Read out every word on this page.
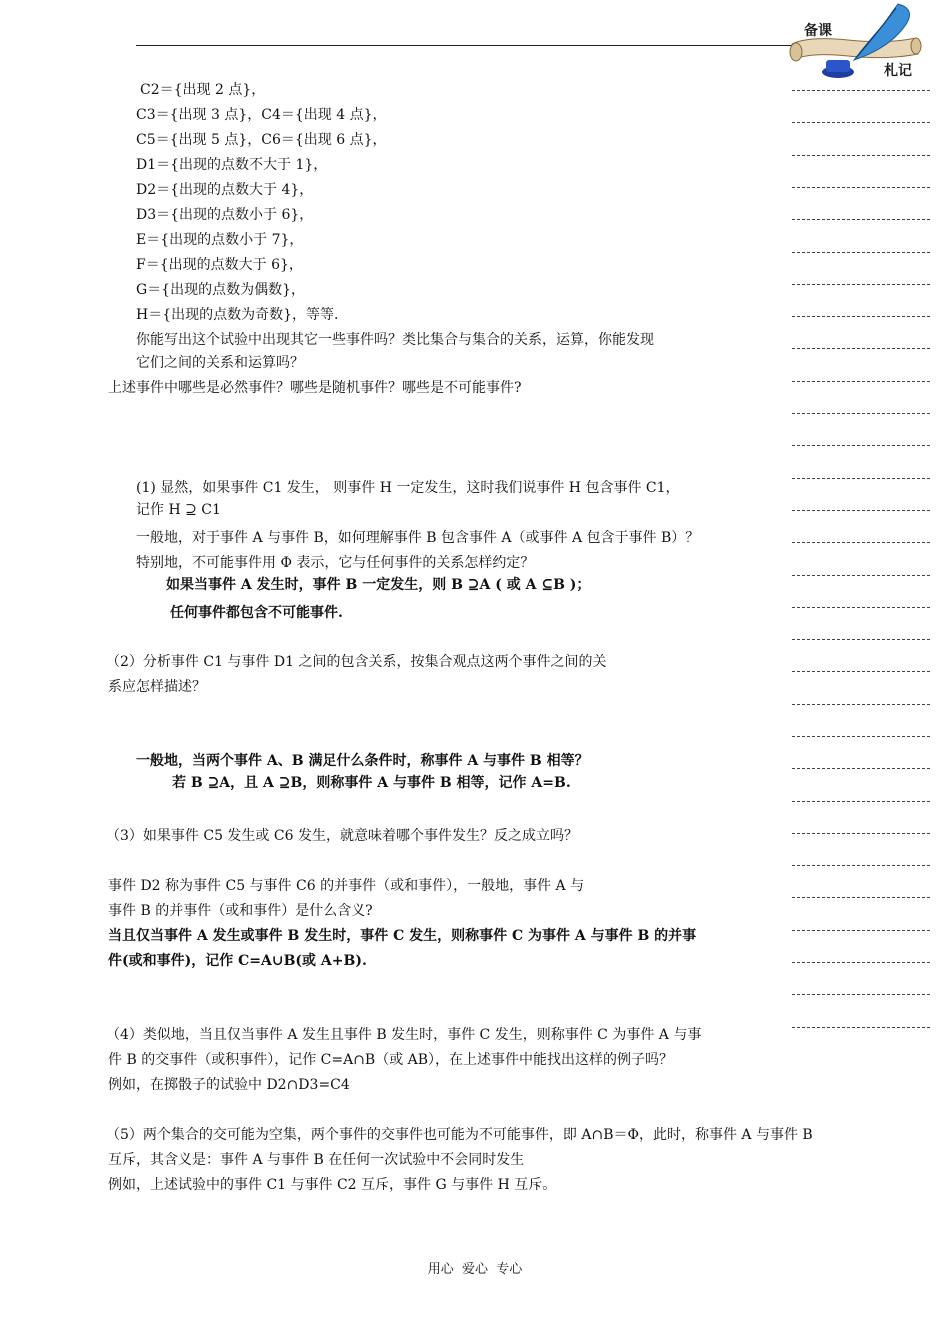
备课
札记
C2＝{出现 2 点}，
C3＝{出现 3 点}，C4＝{出现 4 点}，
C5＝{出现 5 点}，C6＝{出现 6 点}，
D1＝{出现的点数不大于 1}，
D2＝{出现的点数大于 4}，
D3＝{出现的点数小于 6}，
E＝{出现的点数小于 7}，
F＝{出现的点数大于 6}，
G＝{出现的点数为偶数}，
H＝{出现的点数为奇数}，等等.
你能写出这个试验中出现其它一些事件吗？类比集合与集合的关系，运算，你能发现
它们之间的关系和运算吗？
上述事件中哪些是必然事件？哪些是随机事件？哪些是不可能事件?
(1) 显然，如果事件 C1 发生， 则事件 H 一定发生，这时我们说事件 H 包含事件 C1，
记作 H ⊇ C1
一般地，对于事件 A 与事件 B，如何理解事件 B 包含事件 A（或事件 A 包含于事件 B）？
特别地，不可能事件用 Φ 表示，它与任何事件的关系怎样约定？
如果当事件 A 发生时，事件 B 一定发生，则 B ⊇A ( 或 A ⊆B )；
任何事件都包含不可能事件.
（2）分析事件 C1 与事件 D1 之间的包含关系，按集合观点这两个事件之间的关
系应怎样描述？
一般地，当两个事件 A、B 满足什么条件时，称事件 A 与事件 B 相等？
若 B ⊇A，且 A ⊇B，则称事件 A 与事件 B 相等，记作 A=B.
（3）如果事件 C5 发生或 C6 发生，就意味着哪个事件发生？反之成立吗？
事件 D2 称为事件 C5 与事件 C6 的并事件（或和事件），一般地，事件 A 与
事件 B 的并事件（或和事件）是什么含义?
当且仅当事件 A 发生或事件 B 发生时，事件 C 发生，则称事件 C 为事件 A 与事件 B 的并事
件(或和事件)，记作 C=A∪B(或 A+B).
（4）类似地，当且仅当事件 A 发生且事件 B 发生时，事件 C 发生，则称事件 C 为事件 A 与事
件 B 的交事件（或积事件），记作 C=A∩B（或 AB），在上述事件中能找出这样的例子吗？
例如，在掷骰子的试验中 D2∩D3=C4
（5）两个集合的交可能为空集，两个事件的交事件也可能为不可能事件，即 A∩B＝Φ，此时，称事件 A 与事件 B
互斥，其含义是：事件 A 与事件 B 在任何一次试验中不会同时发生
例如，上述试验中的事件 C1 与事件 C2 互斥，事件 G 与事件 H 互斥。
用心  爱心  专心
